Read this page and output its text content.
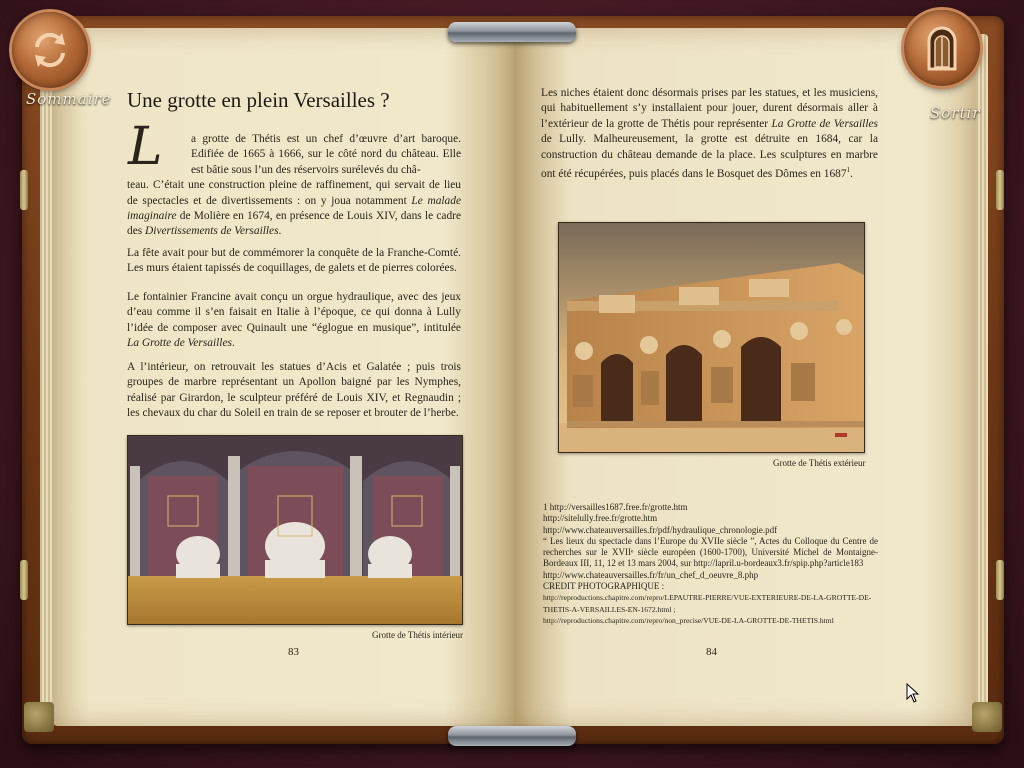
Sommaire
Sortir
Une grotte en plein Versailles ?
L	a grotte de Thétis est un chef d’œuvre d’art baroque. Edifiée de 1665 à 1666, sur le côté nord du château. Elle est bâtie sous l’un des réservoirs surélevés du châ-
teau. C’était une construction pleine de raffinement, qui servait de lieu de spectacles et de divertissements : on y joua notamment Le malade imaginaire de Molière en 1674, en présence de Louis XIV, dans le cadre des Divertissements de Versailles.
La fête avait pour but de commémorer la conquête de la Franche-Comté. Les murs étaient tapissés de coquillages, de galets et de pierres colorées.
Le fontainier Francine avait conçu un orgue hydraulique, avec des jeux d’eau comme il s’en faisait en Italie à l’époque, ce qui donna à Lully l’idée de composer avec Quinault une “églogue en musique”, intitulée La Grotte de Versailles.
A l’intérieur, on retrouvait les statues d’Acis et Galatée ; puis trois groupes de marbre représentant un Apollon baigné par les Nymphes, réalisé par Girardon, le sculpteur préféré de Louis XIV, et Regnaudin ; les chevaux du char du Soleil en train de se reposer et brouter de l’herbe.
Grotte de Thétis intérieur
83
Les niches étaient donc désormais prises par les statues, et les musiciens, qui habituellement s’y installaient pour jouer, durent désormais aller à l’extérieur de la grotte de Thétis pour représenter La Grotte de Versailles de Lully. Malheureusement, la grotte est détruite en 1684, car la construction du château demande de la place. Les sculptures en marbre ont été récupérées, puis placés dans le Bosquet des Dômes en 1687$^1$.
Grotte de Thétis extérieur
1 http://versailles1687.free.fr/grotte.htm
http://sitelully.free.fr/grotte.htm
http://www.chateauversailles.fr/pdf/hydraulique_chronologie.pdf
“ Les lieux du spectacle dans l’Europe du XVIIe siècle ”, Actes du Colloque du Centre de recherches sur le XVIIᵉ siècle européen (1600-1700), Université Michel de Montaigne-Bordeaux III, 11, 12 et 13 mars 2004, sur http://lapril.u-bordeaux3.fr/spip.php?article183
http://www.chateauversailles.fr/fr/un_chef_d_oeuvre_8.php
CREDIT PHOTOGRAPHIQUE :
http://reproductions.chapitre.com/repro/LEPAUTRE-PIERRE/VUE-EXTERIEURE-DE-LA-GROTTE-DE-THETIS-A-VERSAILLES-EN-1672.html ;
http://reproductions.chapitre.com/repro/non_precise/VUE-DE-LA-GROTTE-DE-THETIS.html
84
